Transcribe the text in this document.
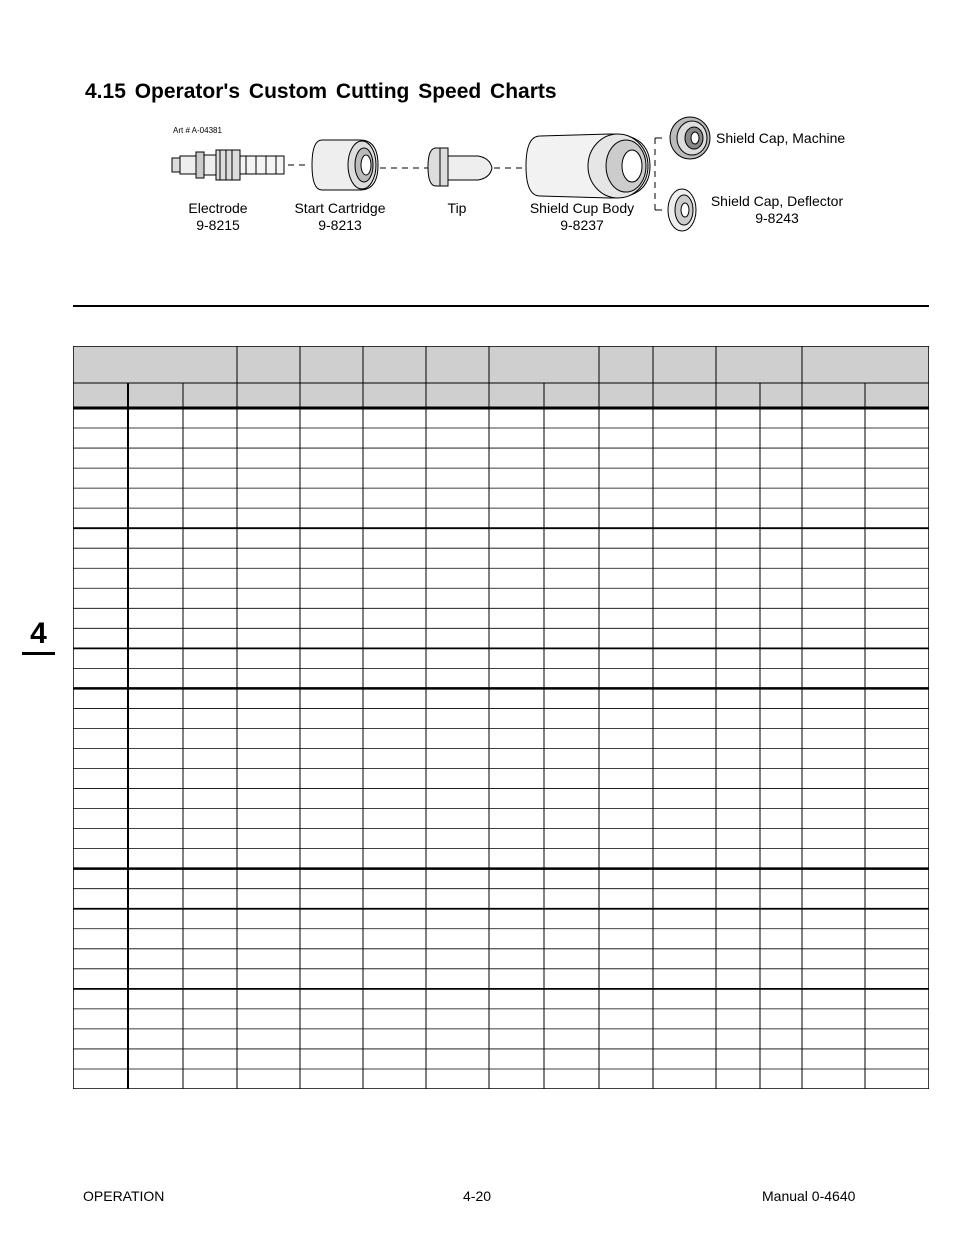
4.15 Operator's Custom Cutting Speed Charts
Art # A-04381
Electrode
9-8215
Start Cartridge
9-8213
Tip	Shield Cup Body
9-8237
Shield Cap, Machine
Shield Cap, Deflector
9-8243
4
OPERATION	4-20	Manual 0-4640
